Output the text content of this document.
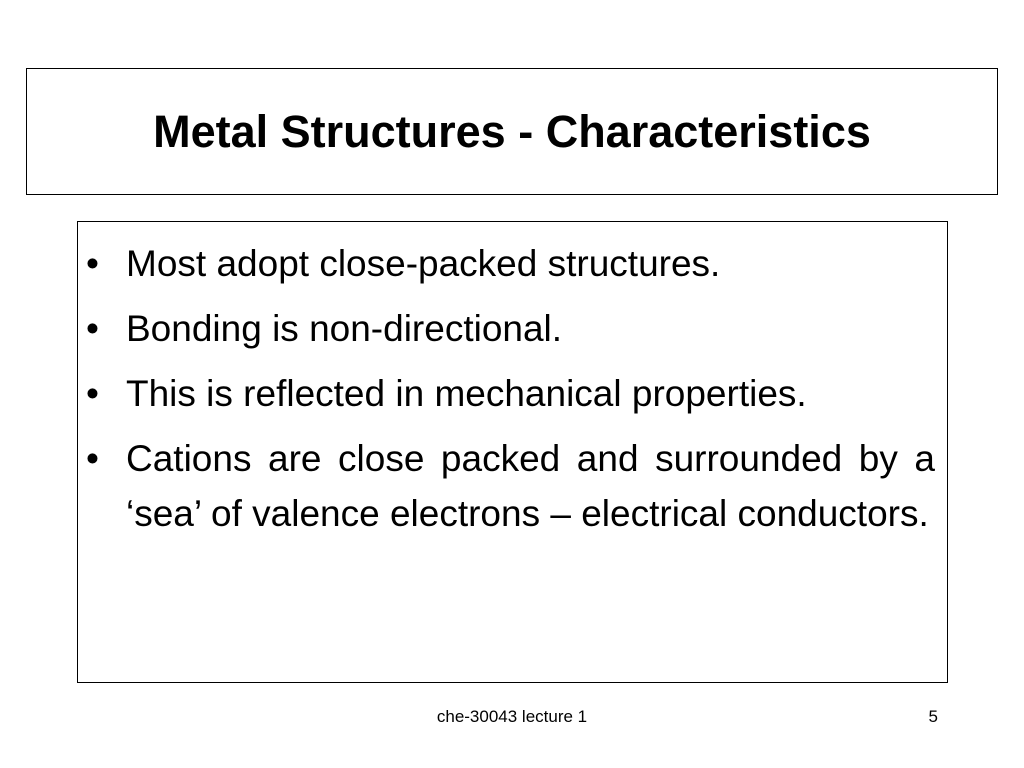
Metal Structures - Characteristics
• Most adopt close-packed structures.
• Bonding is non-directional.
• This is reflected in mechanical properties.
• Cations are close packed and surrounded by a ‘sea’ of valence electrons – electrical conductors.
che-30043 lecture 1	5
